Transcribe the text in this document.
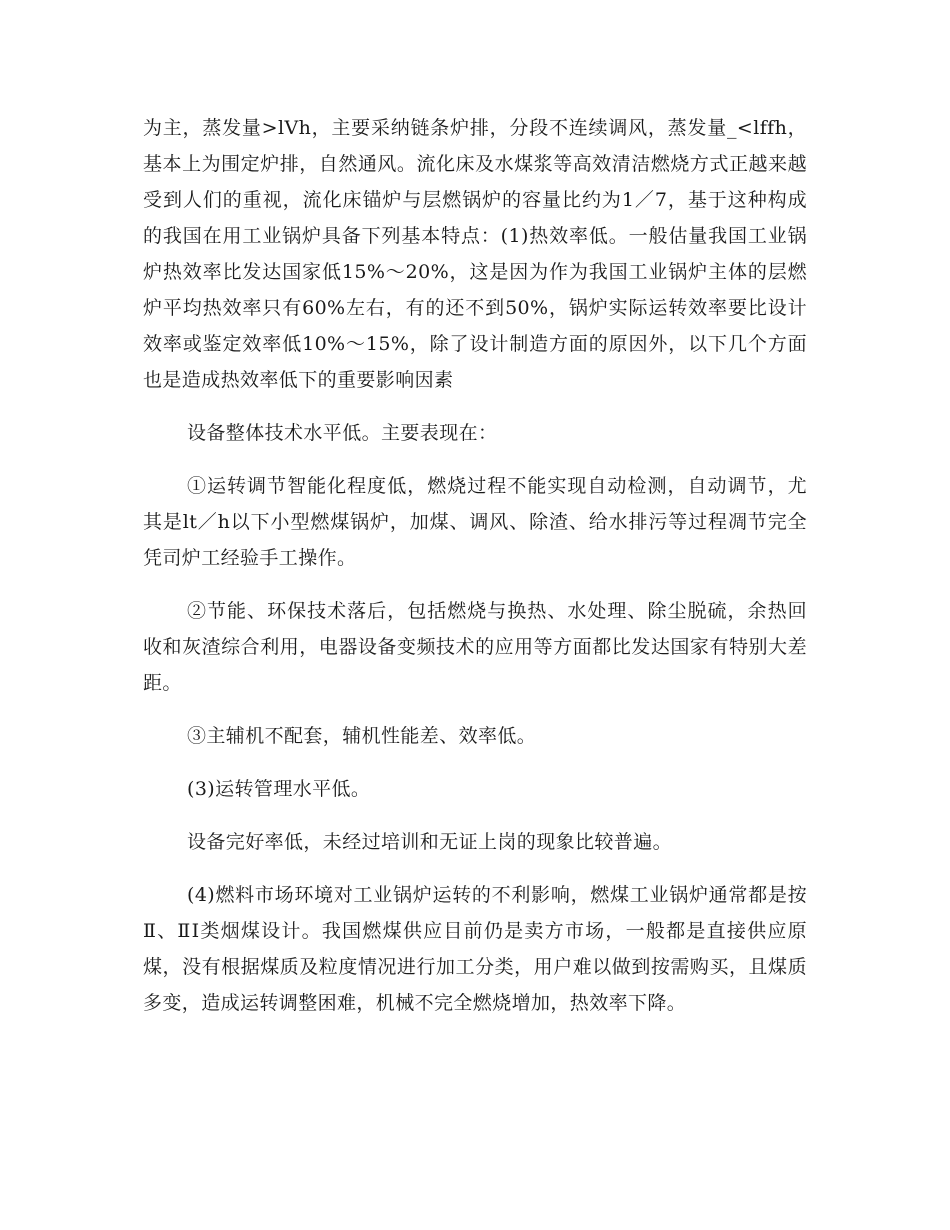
为主，蒸发量>lVh，主要采纳链条炉排，分段不连续调风，蒸发量_<lffh，基本上为围定炉排，自然通风。流化床及水煤浆等高效清洁燃烧方式正越来越受到人们的重视，流化床锚炉与层燃锅炉的容量比约为1／7，基于这种构成的我国在用工业锅炉具备下列基本特点：(1)热效率低。一般估量我国工业锅炉热效率比发达国家低15%～20%，这是因为作为我国工业锅炉主体的层燃炉平均热效率只有60%左右，有的还不到50%，锅炉实际运转效率要比设计效率或鉴定效率低10%～15%，除了设计制造方面的原因外，以下几个方面也是造成热效率低下的重要影响因素

设备整体技术水平低。主要表现在：

①运转调节智能化程度低，燃烧过程不能实现自动检测，自动调节，尤其是lt／h以下小型燃煤锅炉，加煤、调风、除渣、给水排污等过程凋节完全凭司炉工经验手工操作。

②节能、环保技术落后，包括燃烧与换热、水处理、除尘脱硫，余热回收和灰渣综合利用，电器设备变频技术的应用等方面都比发达国家有特别大差距。

③主辅机不配套，辅机性能差、效率低。

(3)运转管理水平低。

设备完好率低，未经过培训和无证上岗的现象比较普遍。

(4)燃料市场环境对工业锅炉运转的不利影响，燃煤工业锅炉通常都是按Ⅱ、ⅡⅠ类烟煤设计。我国燃煤供应目前仍是卖方市场，一般都是直接供应原煤，没有根据煤质及粒度情况进行加工分类，用户难以做到按需购买，且煤质多变，造成运转调整困难，机械不完全燃烧增加，热效率下降。
